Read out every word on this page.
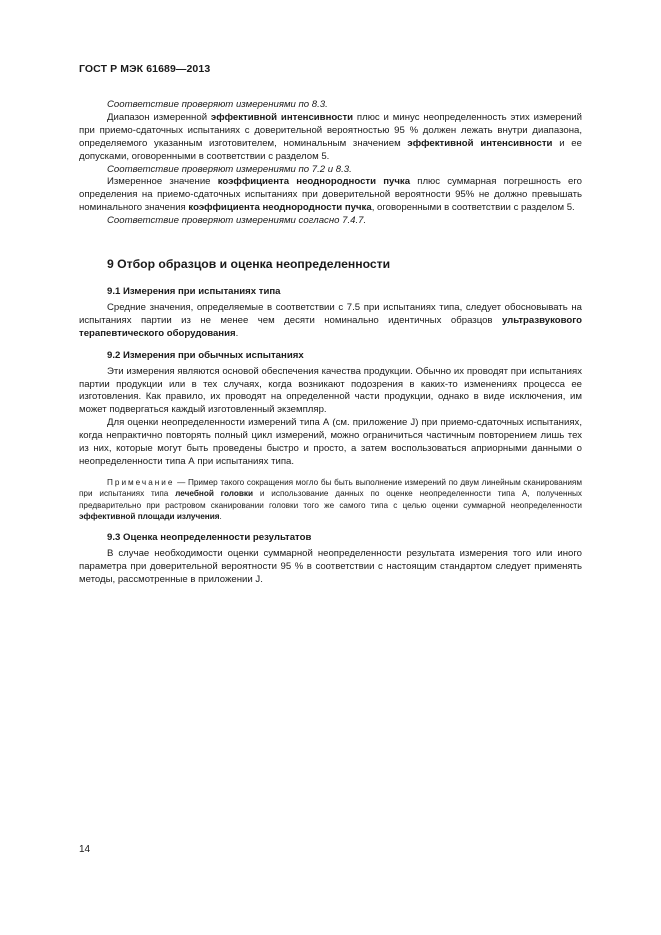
ГОСТ Р МЭК 61689—2013

Соответствие проверяют измерениями по 8.3.

Диапазон измеренной эффективной интенсивности плюс и минус неопределенность этих измерений при приемо-сдаточных испытаниях с доверительной вероятностью 95 % должен лежать внутри диапазона, определяемого указанным изготовителем, номинальным значением эффективной интенсивности и ее допусками, оговоренными в соответствии с разделом 5.

Соответствие проверяют измерениями по 7.2 и 8.3.

Измеренное значение коэффициента неоднородности пучка плюс суммарная погрешность его определения на приемо-сдаточных испытаниях при доверительной вероятности 95% не должно превышать номинального значения коэффициента неоднородности пучка, оговоренными в соответствии с разделом 5.

Соответствие проверяют измерениями согласно 7.4.7.

9 Отбор образцов и оценка неопределенности
9.1 Измерения при испытаниях типа

Средние значения, определяемые в соответствии с 7.5 при испытаниях типа, следует обосновывать на испытаниях партии из не менее чем десяти номинально идентичных образцов ультразвукового терапевтического оборудования.

9.2 Измерения при обычных испытаниях

Эти измерения являются основой обеспечения качества продукции. Обычно их проводят при испытаниях партии продукции или в тех случаях, когда возникают подозрения в каких-то изменениях процесса ее изготовления. Как правило, их проводят на определенной части продукции, однако в виде исключения, им может подвергаться каждый изготовленный экземпляр.

Для оценки неопределенности измерений типа А (см. приложение J) при приемо-сдаточных испытаниях, когда непрактично повторять полный цикл измерений, можно ограничиться частичным повторением лишь тех из них, которые могут быть проведены быстро и просто, а затем воспользоваться априорными данными о неопределенности типа А при испытаниях типа.

Примечание — Пример такого сокращения могло бы быть выполнение измерений по двум линейным сканированиям при испытаниях типа лечебной головки и использование данных по оценке неопределенности типа А, полученных предварительно при растровом сканировании головки того же самого типа с целью оценки суммарной неопределенности эффективной площади излучения.

9.3 Оценка неопределенности результатов

В случае необходимости оценки суммарной неопределенности результата измерения того или иного параметра при доверительной вероятности 95 % в соответствии с настоящим стандартом следует применять методы, рассмотренные в приложении J.

14
